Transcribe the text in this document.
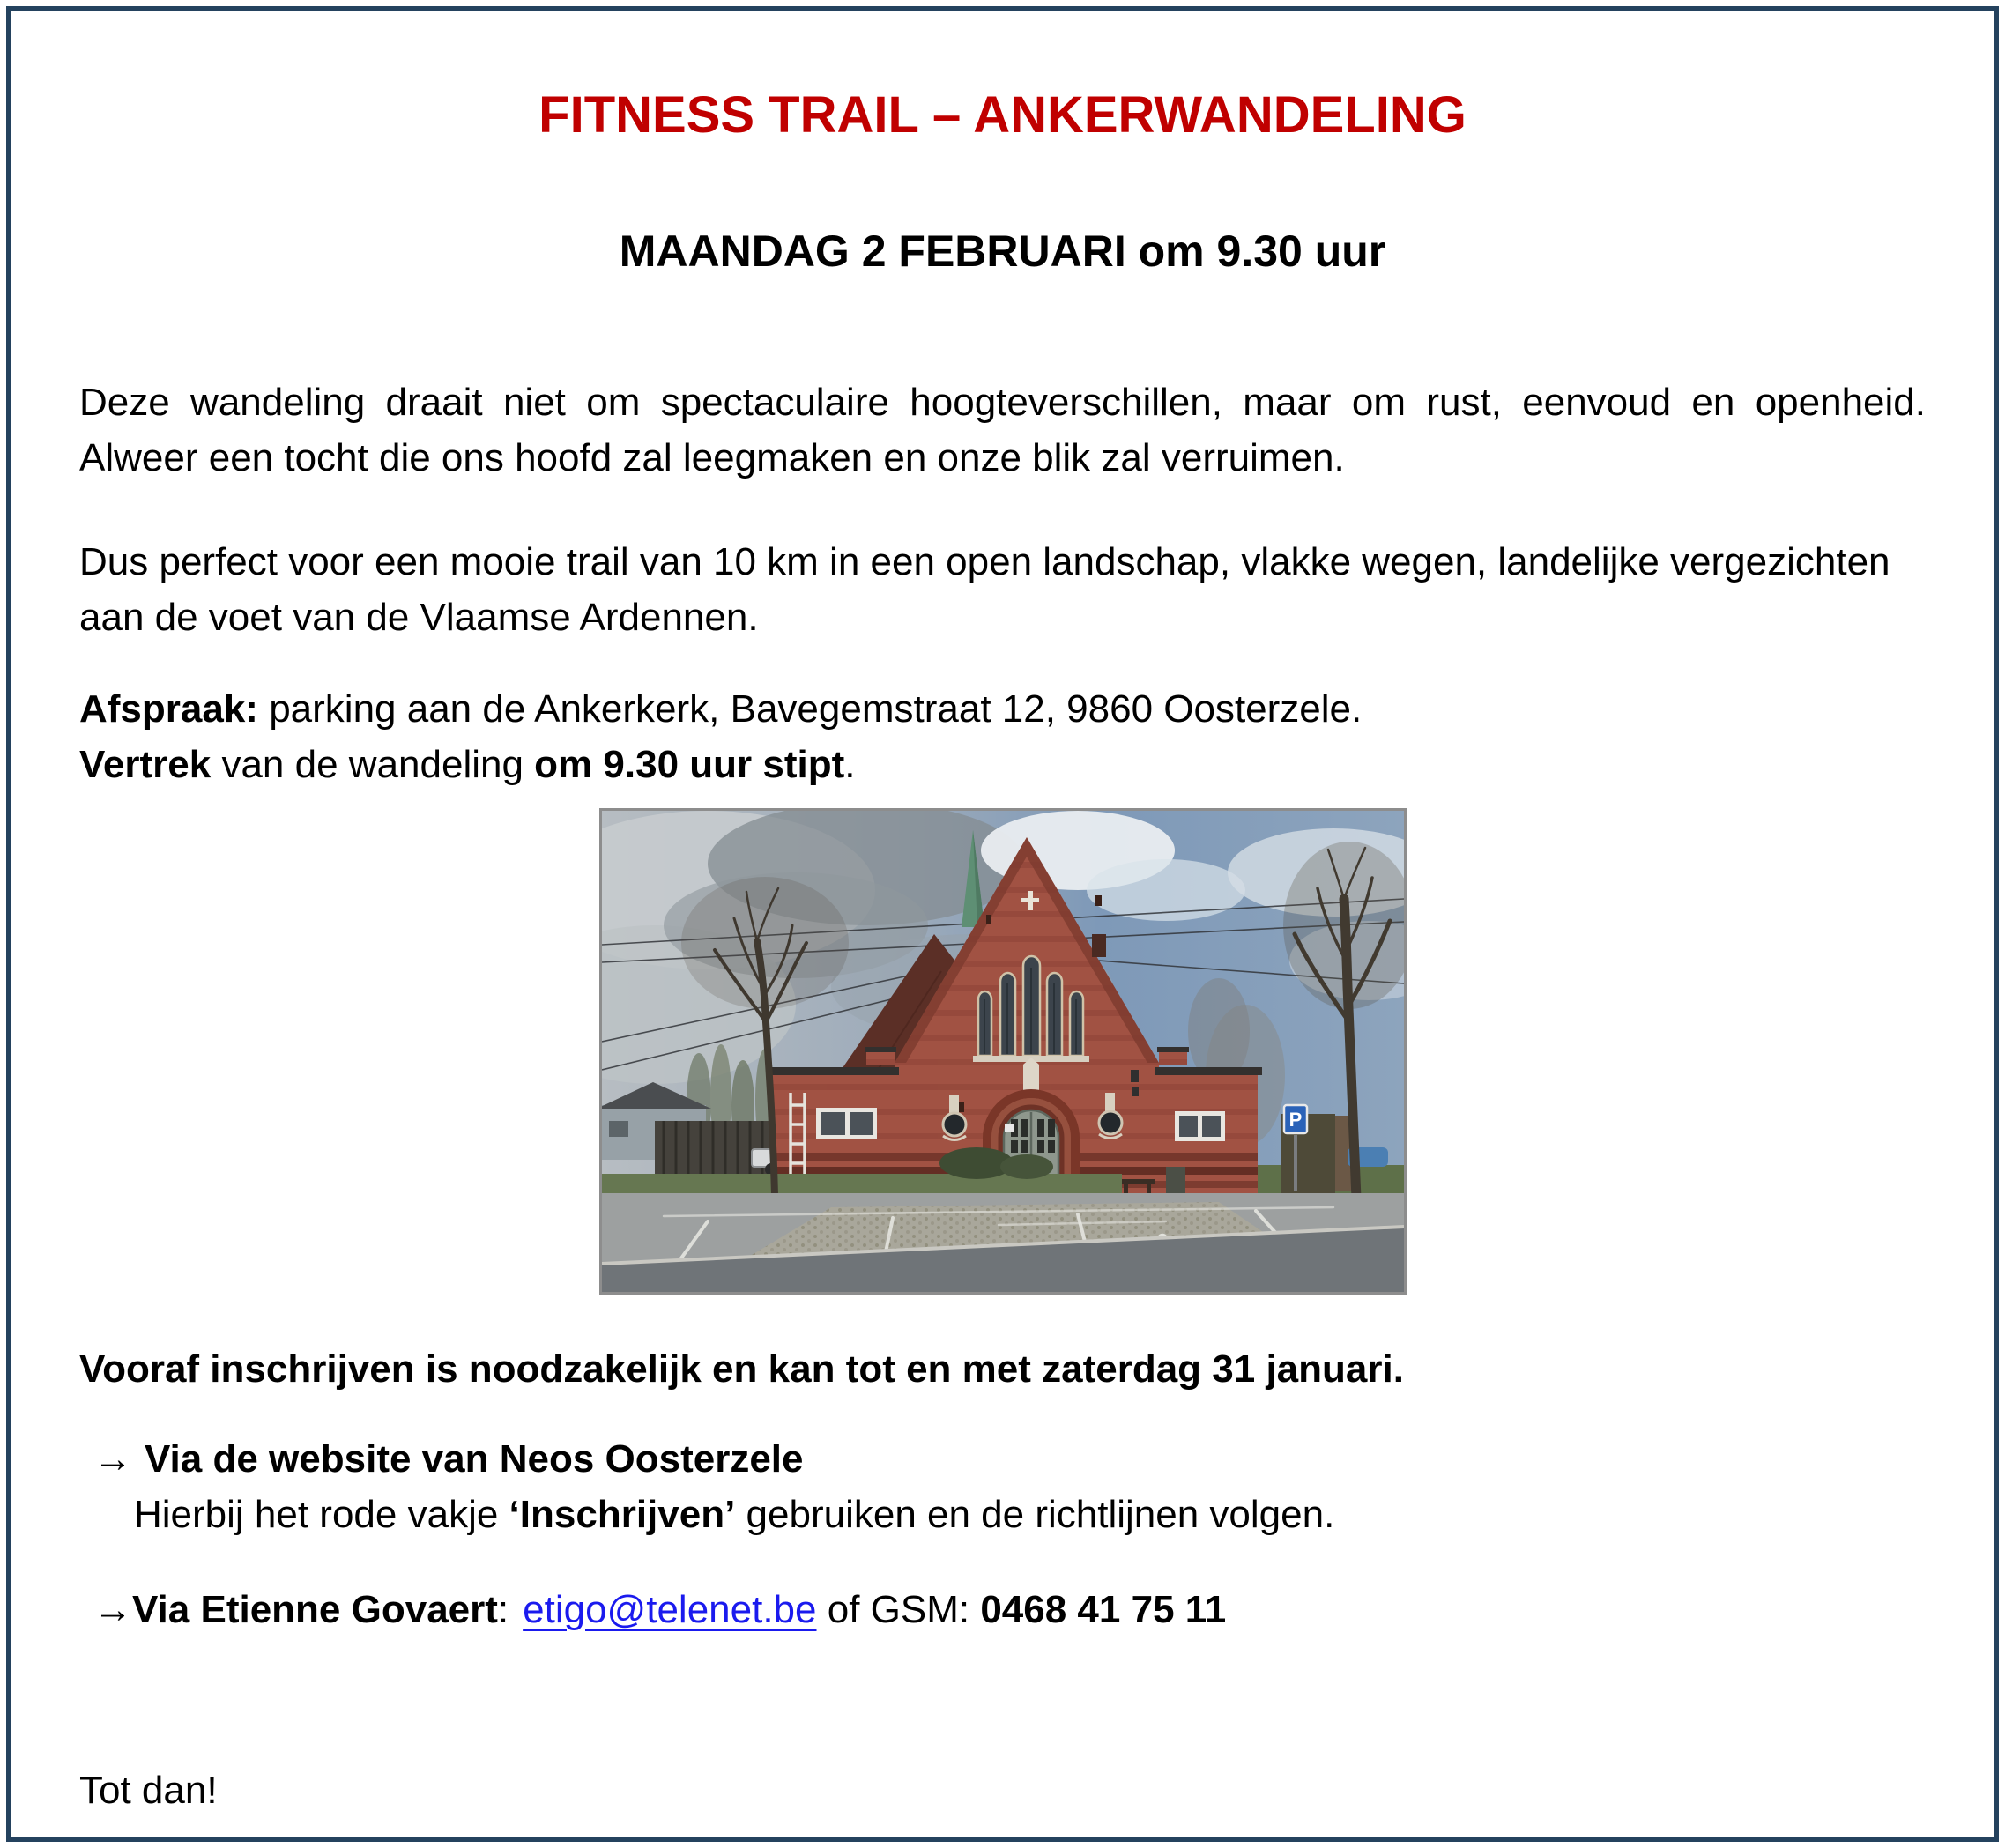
FITNESS TRAIL – ANKERWANDELING
MAANDAG 2 FEBRUARI om 9.30 uur

Deze wandeling draait niet om spectaculaire hoogteverschillen, maar om rust, eenvoud en openheid. Alweer een tocht die ons hoofd zal leegmaken en onze blik zal verruimen.

Dus perfect voor een mooie trail van 10 km in een open landschap, vlakke wegen, landelijke vergezichten aan de voet van de Vlaamse Ardennen.

Afspraak: parking aan de Ankerkerk, Bavegemstraat 12, 9860 Oosterzele.
Vertrek van de wandeling om 9.30 uur stipt.
P

Vooraf inschrijven is noodzakelijk en kan tot en met zaterdag 31 januari.

→ Via de website van Neos Oosterzele
Hierbij het rode vakje ‘Inschrijven’ gebruiken en de richtlijnen volgen.
→Via Etienne Govaert: etigo@telenet.be of GSM: 0468 41 75 11

Tot dan!
